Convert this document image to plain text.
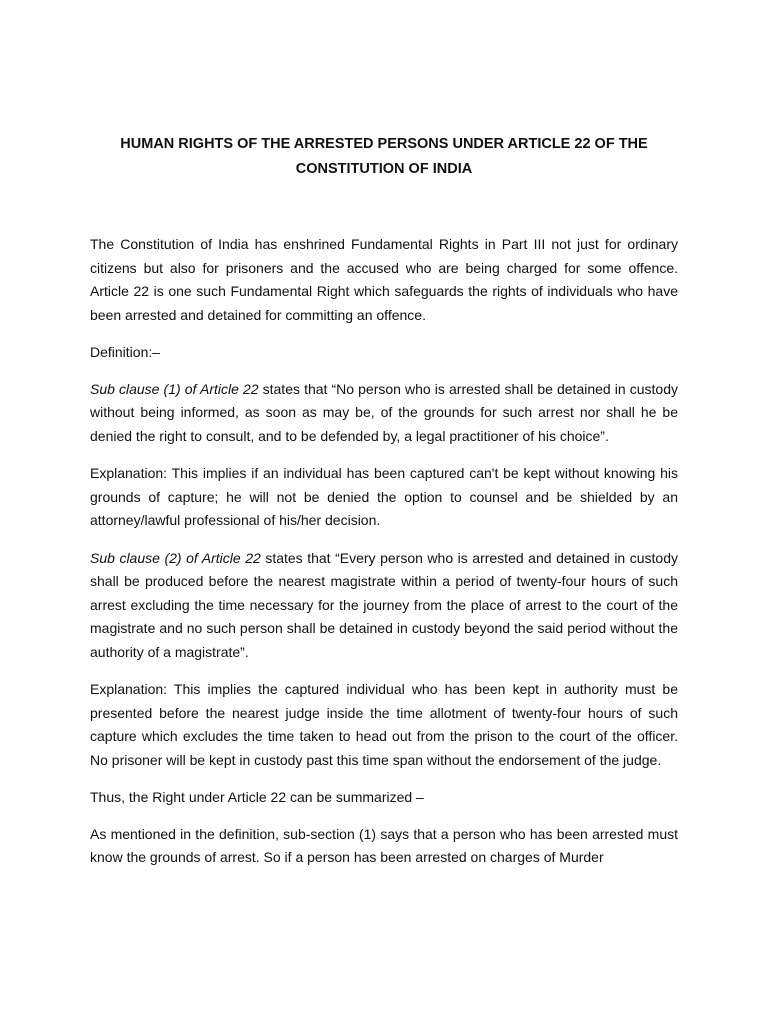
HUMAN RIGHTS OF THE ARRESTED PERSONS UNDER ARTICLE 22 OF THE
CONSTITUTION OF INDIA

The Constitution of India has enshrined Fundamental Rights in Part III not just for ordinary citizens but also for prisoners and the accused who are being charged for some offence. Article 22 is one such Fundamental Right which safeguards the rights of individuals who have been arrested and detained for committing an offence.

Definition:–

Sub clause (1) of Article 22 states that “No person who is arrested shall be detained in custody without being informed, as soon as may be, of the grounds for such arrest nor shall he be denied the right to consult, and to be defended by, a legal practitioner of his choice”.

Explanation: This implies if an individual has been captured can't be kept without knowing his grounds of capture; he will not be denied the option to counsel and be shielded by an attorney/lawful professional of his/her decision.

Sub clause (2) of Article 22 states that “Every person who is arrested and detained in custody shall be produced before the nearest magistrate within a period of twenty-four hours of such arrest excluding the time necessary for the journey from the place of arrest to the court of the magistrate and no such person shall be detained in custody beyond the said period without the authority of a magistrate”.

Explanation: This implies the captured individual who has been kept in authority must be presented before the nearest judge inside the time allotment of twenty-four hours of such capture which excludes the time taken to head out from the prison to the court of the officer. No prisoner will be kept in custody past this time span without the endorsement of the judge.

Thus, the Right under Article 22 can be summarized –

As mentioned in the definition, sub-section (1) says that a person who has been arrested must know the grounds of arrest. So if a person has been arrested on charges of Murder
